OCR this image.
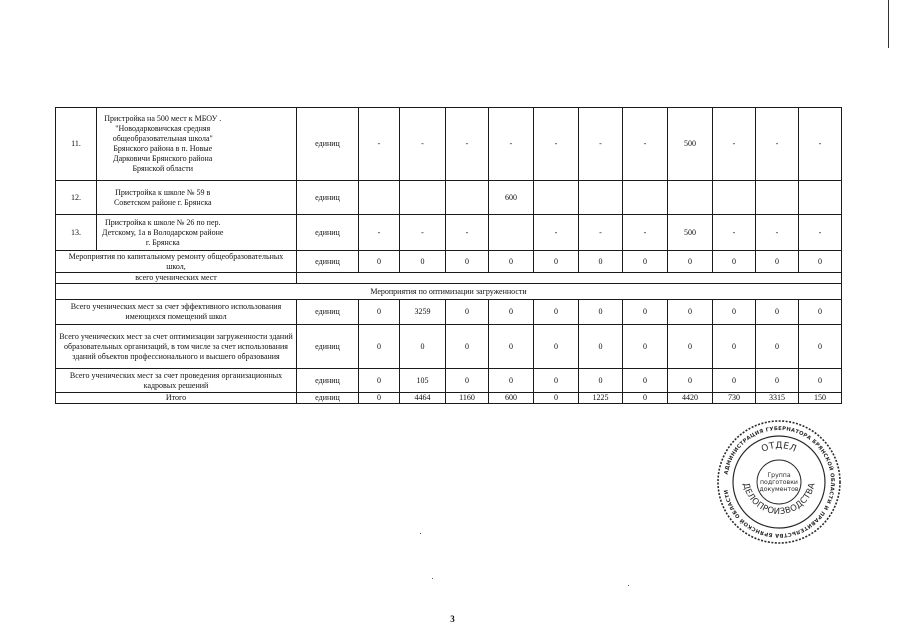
11.	Пристройка на 500 мест к МБОУ . "Новодарковичская средняя общеобразовательная школа" Брянского района в п. Новые Дарковичи Брянского района Брянской области		единиц	-	-	-	-	-	-	-	500	-	-	-
12.	Пристройка к школе № 59 в Советском районе г. Брянска		единиц				600							
13.	Пристройка к школе № 26 по пер. Детскому, 1а в Володарском районе г. Брянска		единиц	-	-	-		-	-	-	500	-	-	-
Мероприятия по капитальному ремонту общеобразовательных школ,			единиц	0	0	0	0	0	0	0	0	0	0	0
всего ученических мест														
Мероприятия по оптимизации загруженности														
Всего ученических мест за счет эффективного использования имеющихся помещений школ			единиц	0	3259	0	0	0	0	0	0	0	0	0
Всего ученических мест за счет оптимизации загруженности зданий образовательных организаций, в том числе за счет использования зданий объектов профессионального и высшего образования			единиц	0	0	0	0	0	0	0	0	0	0	0
Всего ученических мест за счет проведения организационных кадровых решений			единиц	0	105	0	0	0	0	0	0	0	0	0
Итого			единиц	0	4464	1160	600	0	1225	0	4420	730	3315	150
3
АДМИНИСТРАЦИЯ ГУБЕРНАТОРА БРЯНСКОЙ ОБЛАСТИ И ПРАВИТЕЛЬСТВА БРЯНСКОЙ ОБЛАСТИ
ОТДЕЛ
ДЕЛОПРОИЗВОДСТВА
Группа
подготовки
документов
